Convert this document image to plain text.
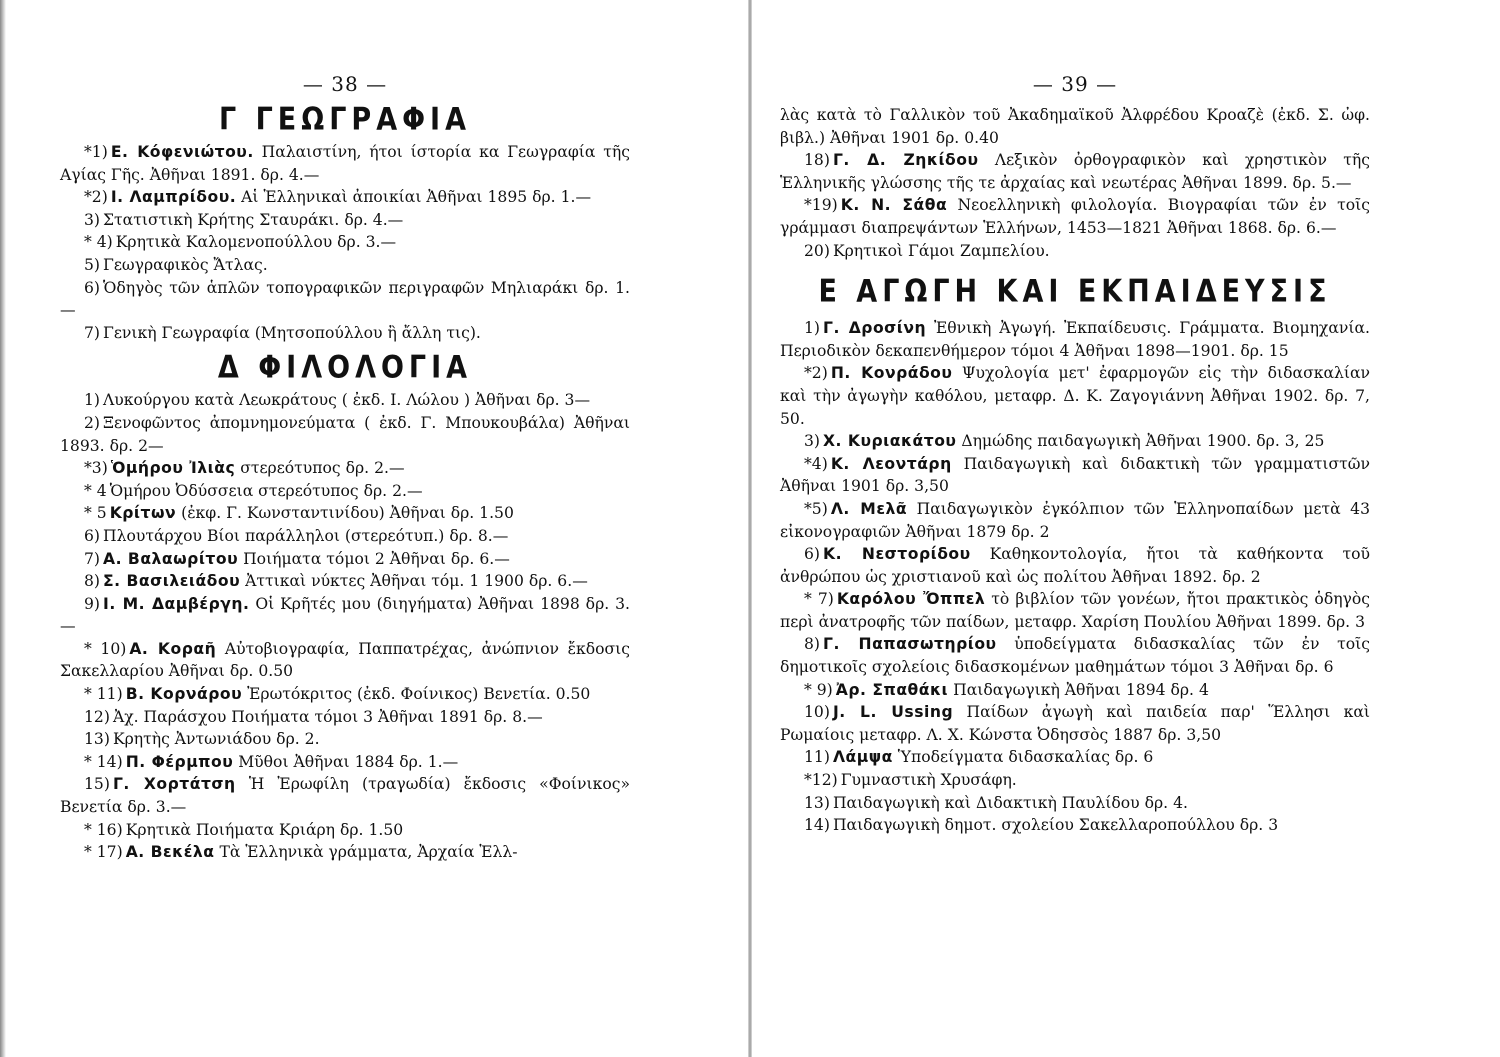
— 38 —
Γ ΓΕΩΓΡΑΦΙΑ

*1) Ε. Κόφενιώτου. Παλαιστίνη, ήτοι ίστορία κα Γεωγραφία τῆς Αγίας Γῆς. Ἀθῆναι 1891. δρ. 4.—

*2) Ι. Λαμπρίδου. Αἱ Ἑλληνικαὶ ἀποικίαι Ἀθῆναι 1895 δρ. 1.—

3) Στατιστικὴ Κρήτης Σταυράκι. δρ. 4.—

* 4) Κρητικὰ Καλομενοπούλλου δρ. 3.—

5) Γεωγραφικὸς Ἄτλας.

6) Ὁδηγὸς τῶν ἁπλῶν τοπογραφικῶν περιγραφῶν Μηλιαράκι δρ. 1.—

7) Γενικὴ Γεωγραφία (Μητσοπούλλου ἢ ἄλλη τις).

Δ ΦΙΛΟΛΟΓΙΑ

1) Λυκούργου κατὰ Λεωκράτους ( ἐκδ. Ι. Λώλου ) Ἀθῆναι δρ. 3—

2) Ξενοφῶντος ἀπομνημονεύματα ( ἐκδ. Γ. Μπουκουβάλα) Ἀθῆναι 1893. δρ. 2—

*3) Ὁμήρου Ἰλιὰς στερεότυπος δρ. 2.—

* 4 Ὁμήρου Ὀδύσσεια στερεότυπος δρ. 2.—

* 5 Κρίτων (ἐκφ. Γ. Κωνσταντινίδου) Ἀθῆναι δρ. 1.50

6) Πλουτάρχου Βίοι παράλληλοι (στερεότυπ.) δρ. 8.—

7) Α. Βαλαωρίτου Ποιήματα τόμοι 2 Ἀθῆναι δρ. 6.—

8) Σ. Βασιλειάδου Ἀττικαὶ νύκτες Ἀθῆναι τόμ. 1 1900 δρ. 6.—

9) Ι. Μ. Δαμβέργη. Οἱ Κρῆτές μου (διηγήματα) Ἀθῆναι 1898 δρ. 3.—

* 10) Α. Κοραῆ Αὐτοβιογραφία, Παππατρέχας, ἀνώπνιον ἔκδοσις Σακελλαρίου Ἀθῆναι δρ. 0.50

* 11) Β. Κορνάρου Ἐρωτόκριτος (ἐκδ. Φοίνικος) Βενετία. 0.50

12) Ἀχ. Παράσχου Ποιήματα τόμοι 3 Ἀθῆναι 1891 δρ. 8.—

13) Κρητὴς Ἀντωνιάδου δρ. 2.

* 14) Π. Φέρμπου Μῦθοι Ἀθῆναι 1884 δρ. 1.—

15) Γ. Χορτάτση Ἡ Ἐρωφίλη (τραγωδία) ἔκδοσις «Φοίνικος» Βενετία δρ. 3.—

* 16) Κρητικὰ Ποιήματα Κριάρη δρ. 1.50

* 17) Α. Βεκέλα Τὰ Ἑλληνικὰ γράμματα, Ἀρχαία Ἑλλ-

— 39 —

λὰς κατὰ τὸ Γαλλικὸν τοῦ Ἀκαδημαϊκοῦ Ἀλφρέδου Κροαζὲ (ἐκδ. Σ. ὠφ. βιβλ.) Ἀθῆναι 1901 δρ. 0.40

18) Γ. Δ. Ζηκίδου Λεξικὸν ὀρθογραφικὸν καὶ χρηστικὸν τῆς Ἑλληνικῆς γλώσσης τῆς τε ἀρχαίας καὶ νεωτέρας Ἀθῆναι 1899. δρ. 5.—

*19) Κ. Ν. Σάθα Νεοελληνικὴ φιλολογία. Βιογραφίαι τῶν ἐν τοῖς γράμμασι διαπρεψάντων Ἑλλήνων, 1453—1821 Ἀθῆναι 1868. δρ. 6.—

20) Κρητικοὶ Γάμοι Ζαμπελίου.

Ε ΑΓΩΓΗ ΚΑΙ ΕΚΠΑΙΔΕΥΣΙΣ

1) Γ. Δροσίνη Ἐθνικὴ Ἀγωγή. Ἐκπαίδευσις. Γράμματα. Βιομηχανία. Περιοδικὸν δεκαπενθήμερον τόμοι 4 Ἀθῆναι 1898—1901. δρ. 15

*2) Π. Κονράδου Ψυχολογία μετ' ἐφαρμογῶν εἰς τὴν διδασκαλίαν καὶ τὴν ἀγωγὴν καθόλου, μεταφρ. Δ. Κ. Ζαγογιάννη Ἀθῆναι 1902. δρ. 7, 50.

3) Χ. Κυριακάτου Δημώδης παιδαγωγικὴ Ἀθῆναι 1900. δρ. 3, 25

*4) Κ. Λεοντάρη Παιδαγωγικὴ καὶ διδακτικὴ τῶν γραμματιστῶν Ἀθῆναι 1901 δρ. 3,50

*5) Λ. Μελᾶ Παιδαγωγικὸν ἐγκόλπιον τῶν Ἑλληνοπαίδων μετὰ 43 εἰκονογραφιῶν Ἀθῆναι 1879 δρ. 2

6) Κ. Νεστορίδου Καθηκοντολογία, ἤτοι τὰ καθήκοντα τοῦ ἀνθρώπου ὡς χριστιανοῦ καὶ ὡς πολίτου Ἀθῆναι 1892. δρ. 2

* 7) Καρόλου Ὄππελ τὸ βιβλίον τῶν γονέων, ἤτοι πρακτικὸς ὁδηγὸς περὶ ἀνατροφῆς τῶν παίδων, μεταφρ. Χαρίση Πουλίου Ἀθῆναι 1899. δρ. 3

8) Γ. Παπασωτηρίου ὑποδείγματα διδασκαλίας τῶν ἐν τοῖς δημοτικοῖς σχολείοις διδασκομένων μαθημάτων τόμοι 3 Ἀθῆναι δρ. 6

* 9) Ἀρ. Σπαθάκι Παιδαγωγικὴ Ἀθῆναι 1894 δρ. 4

10) J. L. Ussing Παίδων ἀγωγὴ καὶ παιδεία παρ' Ἕλλησι καὶ Ρωμαίοις μεταφρ. Λ. Χ. Κώνστα Ὀδησσὸς 1887 δρ. 3,50

11) Λάμψα Ὑποδείγματα διδασκαλίας δρ. 6

*12) Γυμναστικὴ Χρυσάφη.

13) Παιδαγωγικὴ καὶ Διδακτικὴ Παυλίδου δρ. 4.

14) Παιδαγωγικὴ δημοτ. σχολείου Σακελλαροπούλλου δρ. 3
